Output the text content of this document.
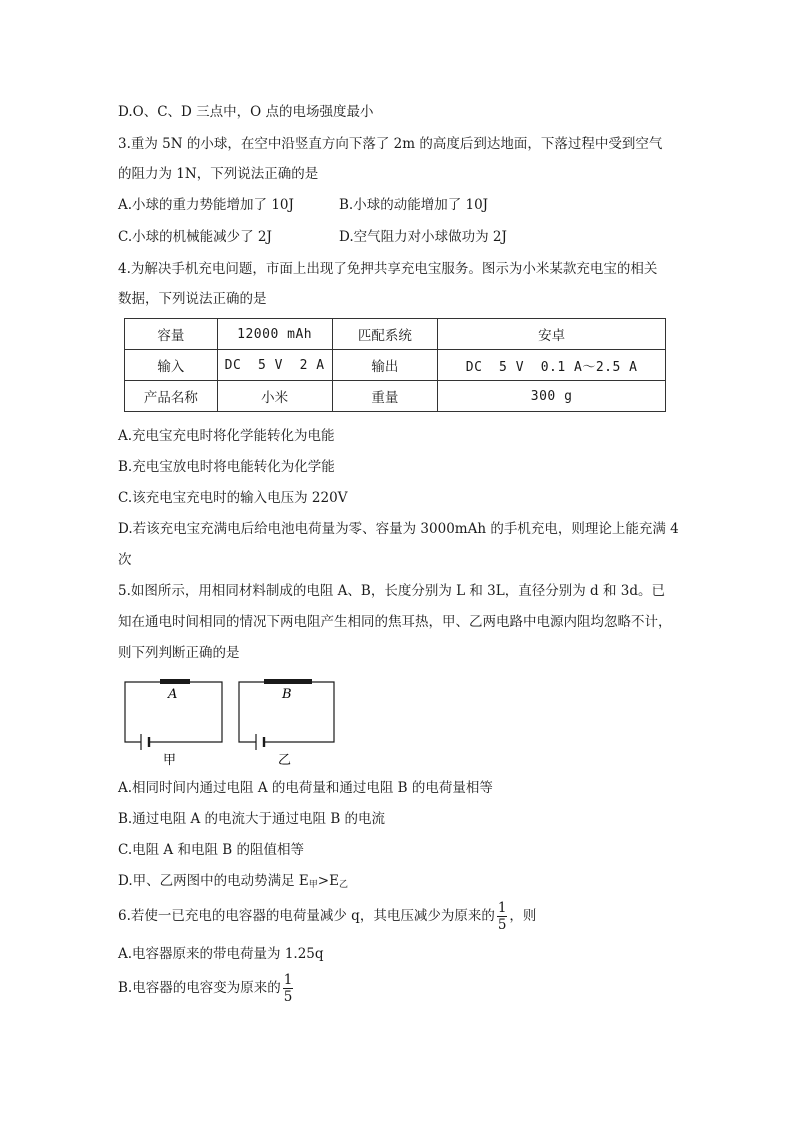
D.O、C、D 三点中，O 点的电场强度最小
3.重为 5N 的小球，在空中沿竖直方向下落了 2m 的高度后到达地面，下落过程中受到空气
的阻力为 1N，下列说法正确的是
A.小球的重力势能增加了 10J	B.小球的动能增加了 10J
C.小球的机械能减少了 2J	D.空气阻力对小球做功为 2J
4.为解决手机充电问题，市面上出现了免押共享充电宝服务。图示为小米某款充电宝的相关
数据，下列说法正确的是
容量	12000 mAh	匹配系统	安卓
输入	DC  5 V  2 A	输出	DC  5 V  0.1 A～2.5 A
产品名称	小米	重量	300 g
A.充电宝充电时将化学能转化为电能
B.充电宝放电时将电能转化为化学能
C.该充电宝充电时的输入电压为 220V
D.若该充电宝充满电后给电池电荷量为零、容量为 3000mAh 的手机充电，则理论上能充满 4
次
5.如图所示，用相同材料制成的电阻 A、B，长度分别为 L 和 3L，直径分别为 d 和 3d。已
知在通电时间相同的情况下两电阻产生相同的焦耳热，甲、乙两电路中电源内阻均忽略不计，
则下列判断正确的是
A
甲
B
乙
A.相同时间内通过电阻 A 的电荷量和通过电阻 B 的电荷量相等
B.通过电阻 A 的电流大于通过电阻 B 的电流
C.电阻 A 和电阻 B 的阻值相等
D.甲、乙两图中的电动势满足 $E_甲>E_乙$
6.若使一已充电的电容器的电荷量减少 q，其电压减少为原来的 $\frac{1}{5}$ ，则
A.电容器原来的带电荷量为 1.25q
B.电容器的电容变为原来的 $\frac{1}{5}$
